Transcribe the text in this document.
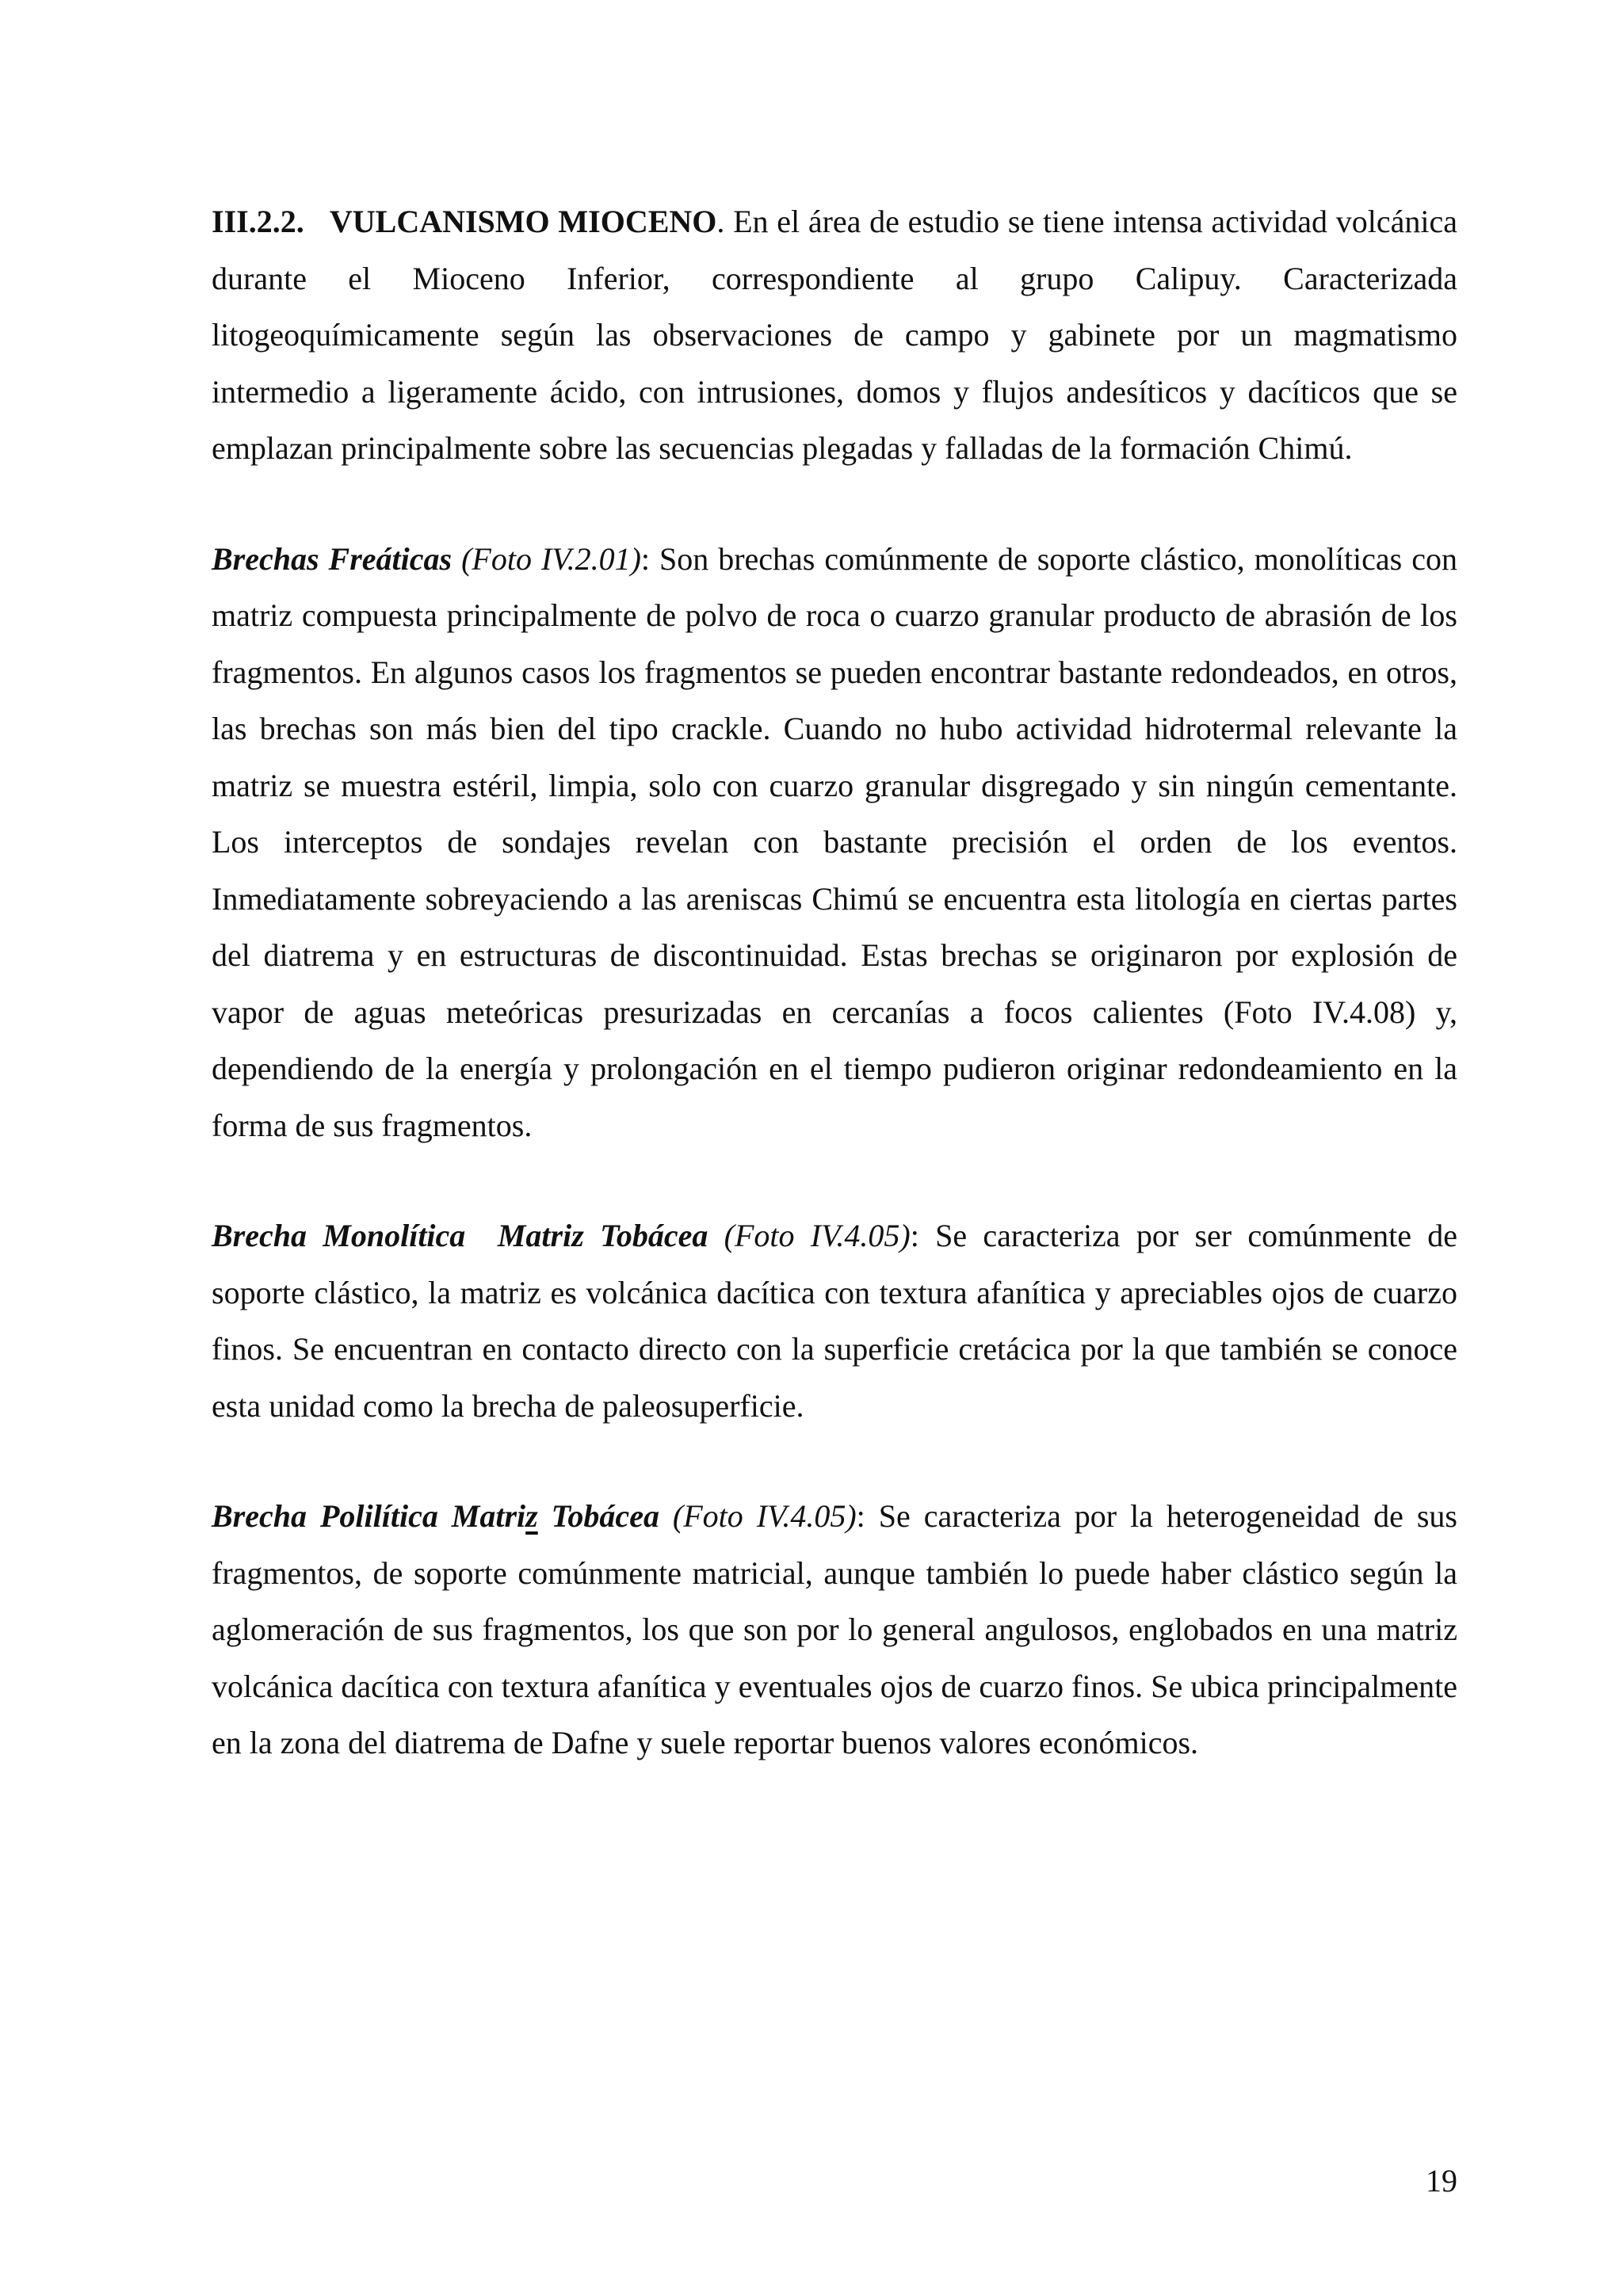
III.2.2. VULCANISMO MIOCENO. En el área de estudio se tiene intensa actividad volcánica durante el Mioceno Inferior, correspondiente al grupo Calipuy. Caracterizada litogeoquímicamente según las observaciones de campo y gabinete por un magmatismo intermedio a ligeramente ácido, con intrusiones, domos y flujos andesíticos y dacíticos que se emplazan principalmente sobre las secuencias plegadas y falladas de la formación Chimú.

Brechas Freáticas (Foto IV.2.01): Son brechas comúnmente de soporte clástico, monolíticas con matriz compuesta principalmente de polvo de roca o cuarzo granular producto de abrasión de los fragmentos. En algunos casos los fragmentos se pueden encontrar bastante redondeados, en otros, las brechas son más bien del tipo crackle. Cuando no hubo actividad hidrotermal relevante la matriz se muestra estéril, limpia, solo con cuarzo granular disgregado y sin ningún cementante. Los interceptos de sondajes revelan con bastante precisión el orden de los eventos. Inmediatamente sobreyaciendo a las areniscas Chimú se encuentra esta litología en ciertas partes del diatrema y en estructuras de discontinuidad. Estas brechas se originaron por explosión de vapor de aguas meteóricas presurizadas en cercanías a focos calientes (Foto IV.4.08) y, dependiendo de la energía y prolongación en el tiempo pudieron originar redondeamiento en la forma de sus fragmentos.

Brecha Monolítica  Matriz Tobácea (Foto IV.4.05): Se caracteriza por ser comúnmente de soporte clástico, la matriz es volcánica dacítica con textura afanítica y apreciables ojos de cuarzo finos. Se encuentran en contacto directo con la superficie cretácica por la que también se conoce esta unidad como la brecha de paleosuperficie.

Brecha Polilítica Matriz Tobácea (Foto IV.4.05): Se caracteriza por la heterogeneidad de sus fragmentos, de soporte comúnmente matricial, aunque también lo puede haber clástico según la aglomeración de sus fragmentos, los que son por lo general angulosos, englobados en una matriz volcánica dacítica con textura afanítica y eventuales ojos de cuarzo finos. Se ubica principalmente en la zona del diatrema de Dafne y suele reportar buenos valores económicos.

19
